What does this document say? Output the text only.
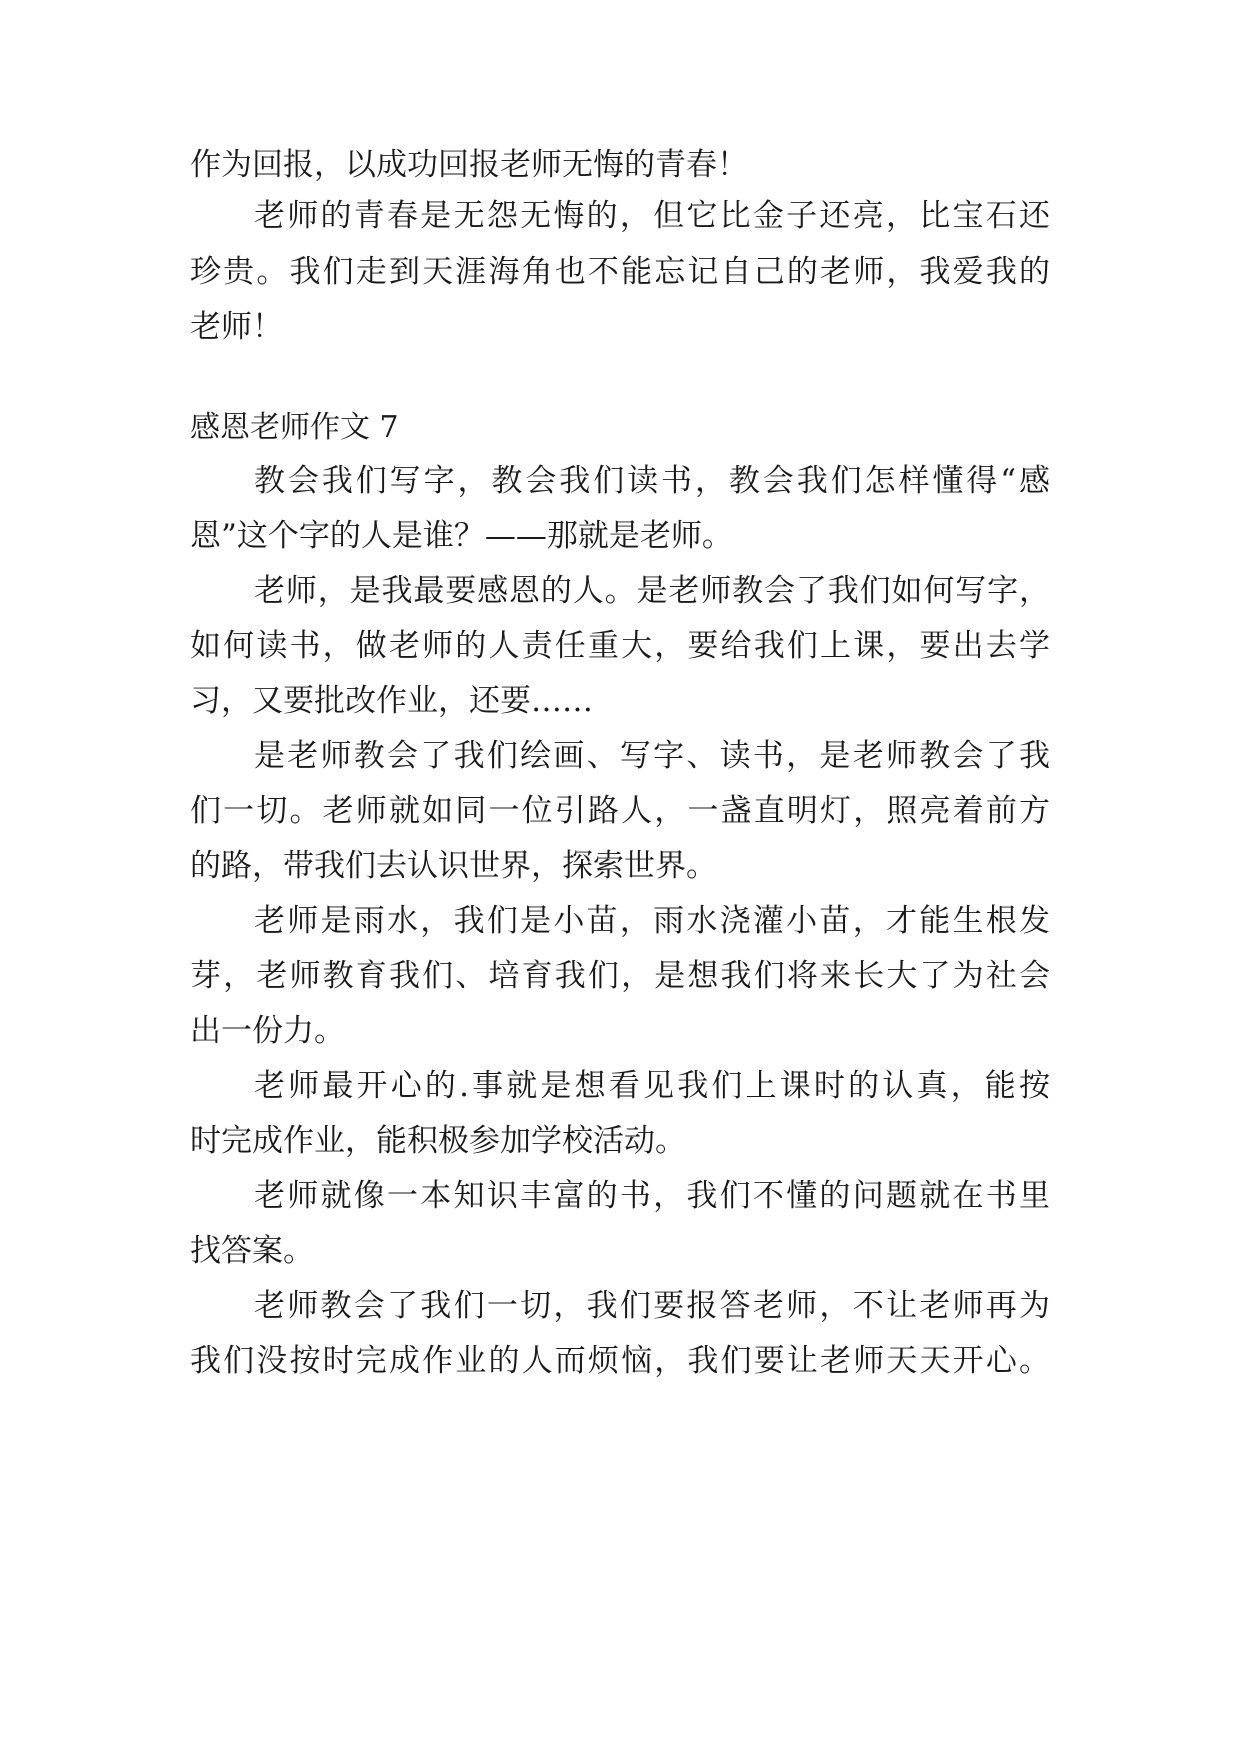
作为回报，以成功回报老师无悔的青春！
老师的青春是无怨无悔的，但它比金子还亮，比宝石还
珍贵。我们走到天涯海角也不能忘记自己的老师，我爱我的
老师！
感恩老师作文 7
教会我们写字，教会我们读书，教会我们怎样懂得“感
恩”这个字的人是谁？——那就是老师。
老师，是我最要感恩的人。是老师教会了我们如何写字，
如何读书，做老师的人责任重大，要给我们上课，要出去学
习，又要批改作业，还要……
是老师教会了我们绘画、写字、读书，是老师教会了我
们一切。老师就如同一位引路人，一盏直明灯，照亮着前方
的路，带我们去认识世界，探索世界。
老师是雨水，我们是小苗，雨水浇灌小苗，才能生根发
芽，老师教育我们、培育我们，是想我们将来长大了为社会
出一份力。
老师最开心的.事就是想看见我们上课时的认真，能按
时完成作业，能积极参加学校活动。
老师就像一本知识丰富的书，我们不懂的问题就在书里
找答案。
老师教会了我们一切，我们要报答老师，不让老师再为
我们没按时完成作业的人而烦恼，我们要让老师天天开心。
